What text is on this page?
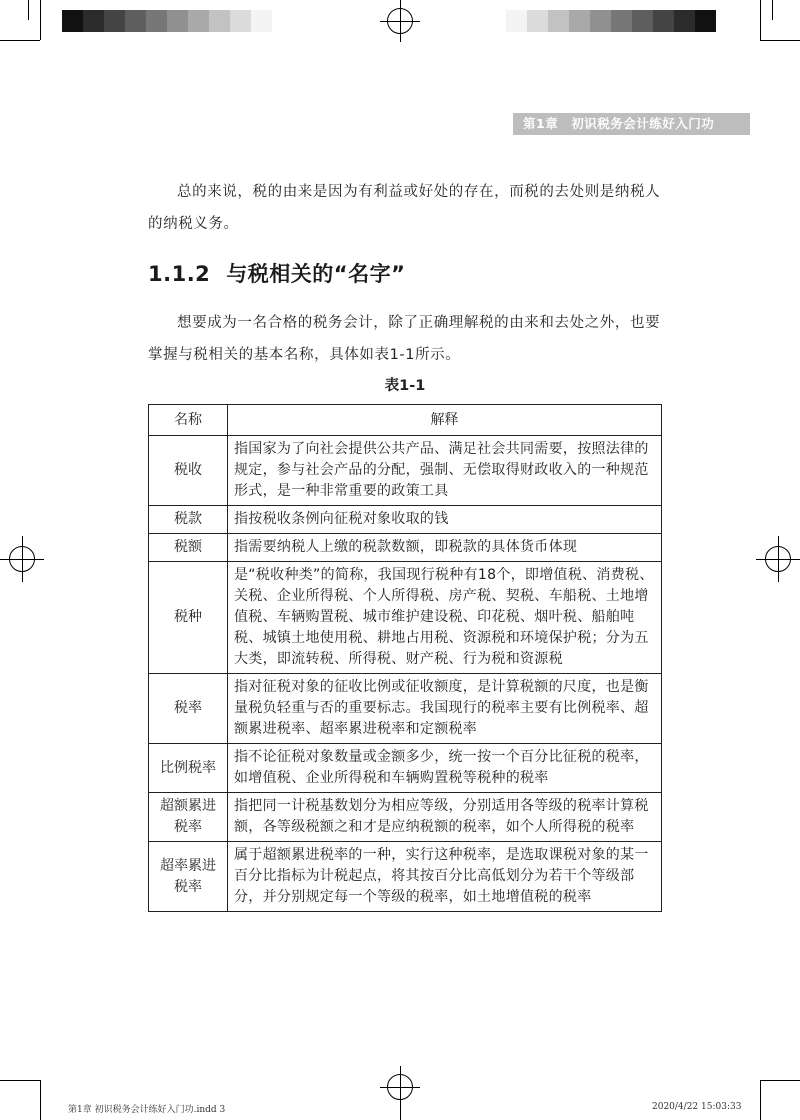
第1章　初识税务会计练好入门功
总的来说，税的由来是因为有利益或好处的存在，而税的去处则是纳税人的纳税义务。
1.1.2 与税相关的“名字”
想要成为一名合格的税务会计，除了正确理解税的由来和去处之外，也要掌握与税相关的基本名称，具体如表1-1所示。
表1-1
名称	解释
税收	指国家为了向社会提供公共产品、满足社会共同需要，按照法律的规定，参与社会产品的分配，强制、无偿取得财政收入的一种规范形式，是一种非常重要的政策工具
税款	指按税收条例向征税对象收取的钱
税额	指需要纳税人上缴的税款数额，即税款的具体货币体现
税种	是“税收种类”的简称，我国现行税种有18个，即增值税、消费税、关税、企业所得税、个人所得税、房产税、契税、车船税、土地增值税、车辆购置税、城市维护建设税、印花税、烟叶税、船舶吨税、城镇土地使用税、耕地占用税、资源税和环境保护税；分为五大类，即流转税、所得税、财产税、行为税和资源税
税率	指对征税对象的征收比例或征收额度，是计算税额的尺度，也是衡量税负轻重与否的重要标志。我国现行的税率主要有比例税率、超额累进税率、超率累进税率和定额税率
比例税率	指不论征税对象数量或金额多少，统一按一个百分比征税的税率，如增值税、企业所得税和车辆购置税等税种的税率
超额累进税率	指把同一计税基数划分为相应等级，分别适用各等级的税率计算税额，各等级税额之和才是应纳税额的税率，如个人所得税的税率
超率累进税率	属于超额累进税率的一种，实行这种税率，是选取课税对象的某一百分比指标为计税起点，将其按百分比高低划分为若干个等级部分，并分别规定每一个等级的税率，如土地增值税的税率
第1章 初识税务会计练好入门功.indd 3	2020/4/22 15:03:33
